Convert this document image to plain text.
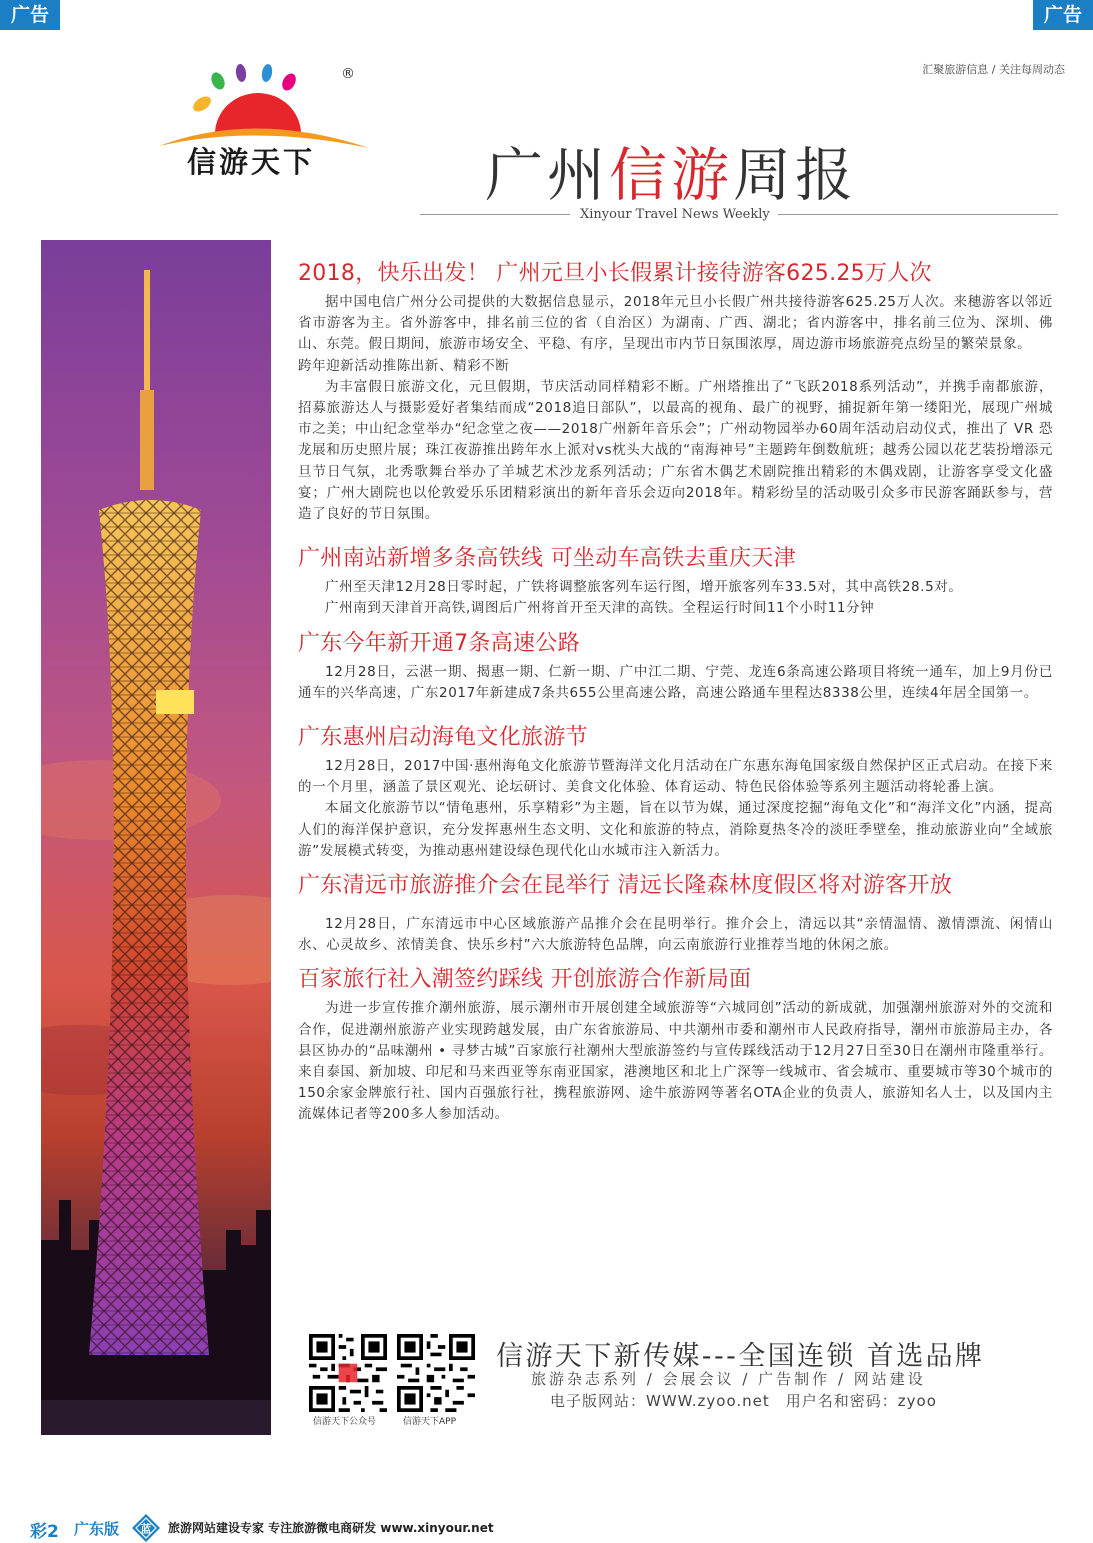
广告	广告
汇聚旅游信息 / 关注每周动态
®
信游天下	广州信游周报
Xinyour Travel News Weekly
2018，快乐出发！ 广州元旦小长假累计接待游客625.25万人次

据中国电信广州分公司提供的大数据信息显示，2018年元旦小长假广州共接待游客625.25万人次。来穗游客以邻近省市游客为主。省外游客中，排名前三位的省（自治区）为湖南、广西、湖北；省内游客中，排名前三位为、深圳、佛山、东莞。假日期间，旅游市场安全、平稳、有序，呈现出市内节日氛围浓厚，周边游市场旅游亮点纷呈的繁荣景象。

跨年迎新活动推陈出新、精彩不断

为丰富假日旅游文化，元旦假期，节庆活动同样精彩不断。广州塔推出了“飞跃2018系列活动”，并携手南都旅游，招募旅游达人与摄影爱好者集结而成“2018追日部队”，以最高的视角、最广的视野，捕捉新年第一缕阳光，展现广州城市之美；中山纪念堂举办“纪念堂之夜——2018广州新年音乐会”；广州动物园举办60周年活动启动仪式，推出了 VR 恐龙展和历史照片展；珠江夜游推出跨年水上派对vs枕头大战的“南海神号”主题跨年倒数航班；越秀公园以花艺装扮增添元旦节日气氛，北秀歌舞台举办了羊城艺术沙龙系列活动；广东省木偶艺术剧院推出精彩的木偶戏剧，让游客享受文化盛宴；广州大剧院也以伦敦爱乐乐团精彩演出的新年音乐会迈向2018年。精彩纷呈的活动吸引众多市民游客踊跃参与，营造了良好的节日氛围。

广州南站新增多条高铁线 可坐动车高铁去重庆天津

广州至天津12月28日零时起，广铁将调整旅客列车运行图，增开旅客列车33.5对，其中高铁28.5对。

广州南到天津首开高铁,调图后广州将首开至天津的高铁。全程运行时间11个小时11分钟

广东今年新开通7条高速公路

12月28日，云湛一期、揭惠一期、仁新一期、广中江二期、宁莞、龙连6条高速公路项目将统一通车，加上9月份已通车的兴华高速，广东2017年新建成7条共655公里高速公路，高速公路通车里程达8338公里，连续4年居全国第一。

广东惠州启动海龟文化旅游节

12月28日，2017中国·惠州海龟文化旅游节暨海洋文化月活动在广东惠东海龟国家级自然保护区正式启动。在接下来的一个月里，涵盖了景区观光、论坛研讨、美食文化体验、体育运动、特色民俗体验等系列主题活动将轮番上演。

本届文化旅游节以“情龟惠州，乐享精彩”为主题，旨在以节为媒，通过深度挖掘“海龟文化”和“海洋文化”内涵，提高人们的海洋保护意识，充分发挥惠州生态文明、文化和旅游的特点，消除夏热冬冷的淡旺季壁垒，推动旅游业向“全域旅游”发展模式转变，为推动惠州建设绿色现代化山水城市注入新活力。

广东清远市旅游推介会在昆举行 清远长隆森林度假区将对游客开放

12月28日，广东清远市中心区域旅游产品推介会在昆明举行。推介会上，清远以其“亲情温情、激情漂流、闲情山水、心灵故乡、浓情美食、快乐乡村”六大旅游特色品牌，向云南旅游行业推荐当地的休闲之旅。

百家旅行社入潮签约踩线 开创旅游合作新局面

为进一步宣传推介潮州旅游，展示潮州市开展创建全域旅游等“六城同创”活动的新成就，加强潮州旅游对外的交流和合作，促进潮州旅游产业实现跨越发展，由广东省旅游局、中共潮州市委和潮州市人民政府指导，潮州市旅游局主办，各县区协办的“品味潮州 • 寻梦古城”百家旅行社潮州大型旅游签约与宣传踩线活动于12月27日至30日在潮州市隆重举行。来自泰国、新加坡、印尼和马来西亚等东南亚国家，港澳地区和北上广深等一线城市、省会城市、重要城市等30个城市的150余家金牌旅行社、国内百强旅行社，携程旅游网、途牛旅游网等著名OTA企业的负责人，旅游知名人士，以及国内主流媒体记者等200多人参加活动。

信游天下公众号	信游天下APP
信游天下新传媒---全国连锁 首选品牌
旅游杂志系列 / 会展会议 / 广告制作 / 网站建设
电子版网站：WWW.zyoo.net　用户名和密码：zyoo
彩2 广东版 蓝 旅游网站建设专家 专注旅游微电商研发 www.xinyour.net
